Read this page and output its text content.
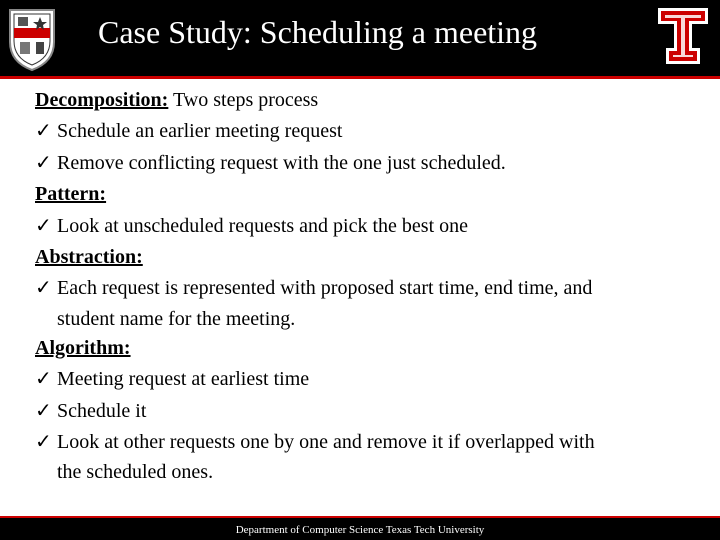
Case Study: Scheduling a meeting
Decomposition: Two steps process
✓ Schedule an earlier meeting request
✓ Remove conflicting request with the one just scheduled.
Pattern:
✓ Look at unscheduled requests and pick the best one
Abstraction:
✓ Each request is represented with proposed start time, end time, and
student name for the meeting.
Algorithm:
✓ Meeting request at earliest time
✓ Schedule it
✓ Look at other requests one by one and remove it if overlapped with
the scheduled ones.
Department of Computer Science Texas Tech University
